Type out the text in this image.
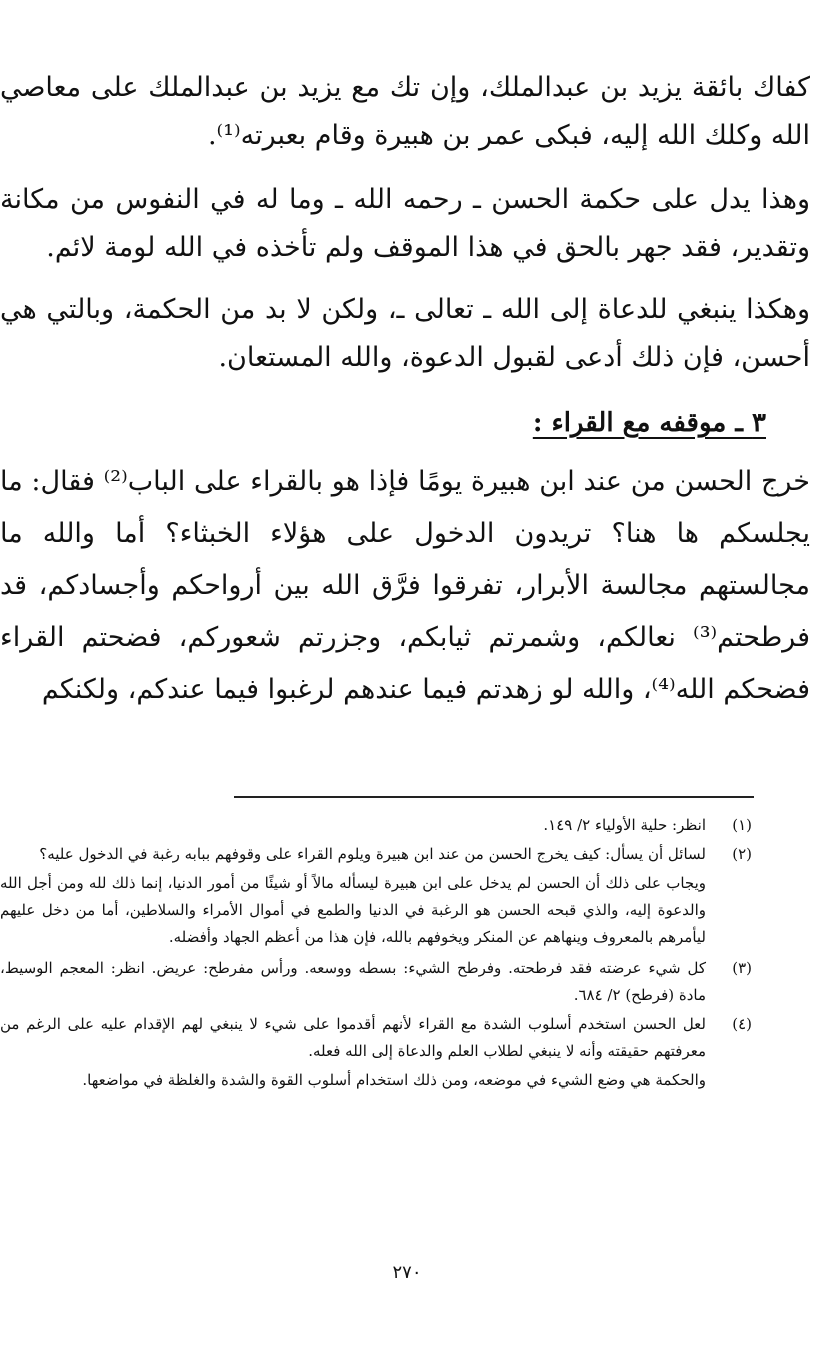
كفاك بائقة يزيد بن عبدالملك، وإن تك مع يزيد بن عبدالملك على معاصي الله وكلك الله إليه، فبكى عمر بن هبيرة وقام بعبرته⁽¹⁾.

وهذا يدل على حكمة الحسن ـ رحمه الله ـ وما له في النفوس من مكانة وتقدير، فقد جهر بالحق في هذا الموقف ولم تأخذه في الله لومة لائم.

وهكذا ينبغي للدعاة إلى الله ـ تعالى ـ، ولكن لا بد من الحكمة، وبالتي هي أحسن، فإن ذلك أدعى لقبول الدعوة، والله المستعان.

٣ ـ موقفه مع القراء :

خرج الحسن من عند ابن هبيرة يومًا فإذا هو بالقراء على الباب⁽²⁾ فقال: ما يجلسكم ها هنا؟ تريدون الدخول على هؤلاء الخبثاء؟ أما والله ما مجالستهم مجالسة الأبرار، تفرقوا فرَّق الله بين أرواحكم وأجسادكم، قد فرطحتم⁽³⁾ نعالكم، وشمرتم ثيابكم، وجزرتم شعوركم، فضحتم القراء فضحكم الله⁽⁴⁾، والله لو زهدتم فيما عندهم لرغبوا فيما عندكم، ولكنكم

(١)
انظر: حلية الأولياء ٢/ ١٤٩.
(٢)
لسائل أن يسأل: كيف يخرج الحسن من عند ابن هبيرة ويلوم القراء على وقوفهم ببابه رغبة في الدخول عليه؟
ويجاب على ذلك أن الحسن لم يدخل على ابن هبيرة ليسأله مالاً أو شيئًا من أمور الدنيا، إنما ذلك لله ومن أجل الله والدعوة إليه، والذي قبحه الحسن هو الرغبة في الدنيا والطمع في أموال الأمراء والسلاطين، أما من دخل عليهم ليأمرهم بالمعروف وينهاهم عن المنكر ويخوفهم بالله، فإن هذا من أعظم الجهاد وأفضله.
(٣)
كل شيء عرضته فقد فرطحته. وفرطح الشيء: بسطه ووسعه. ورأس مفرطح: عريض. انظر: المعجم الوسيط، مادة (فرطح) ٢/ ٦٨٤.
(٤)
لعل الحسن استخدم أسلوب الشدة مع القراء لأنهم أقدموا على شيء لا ينبغي لهم الإقدام عليه على الرغم من معرفتهم حقيقته وأنه لا ينبغي لطلاب العلم والدعاة إلى الله فعله.
والحكمة هي وضع الشيء في موضعه، ومن ذلك استخدام أسلوب القوة والشدة والغلظة في مواضعها.
٢٧٠
